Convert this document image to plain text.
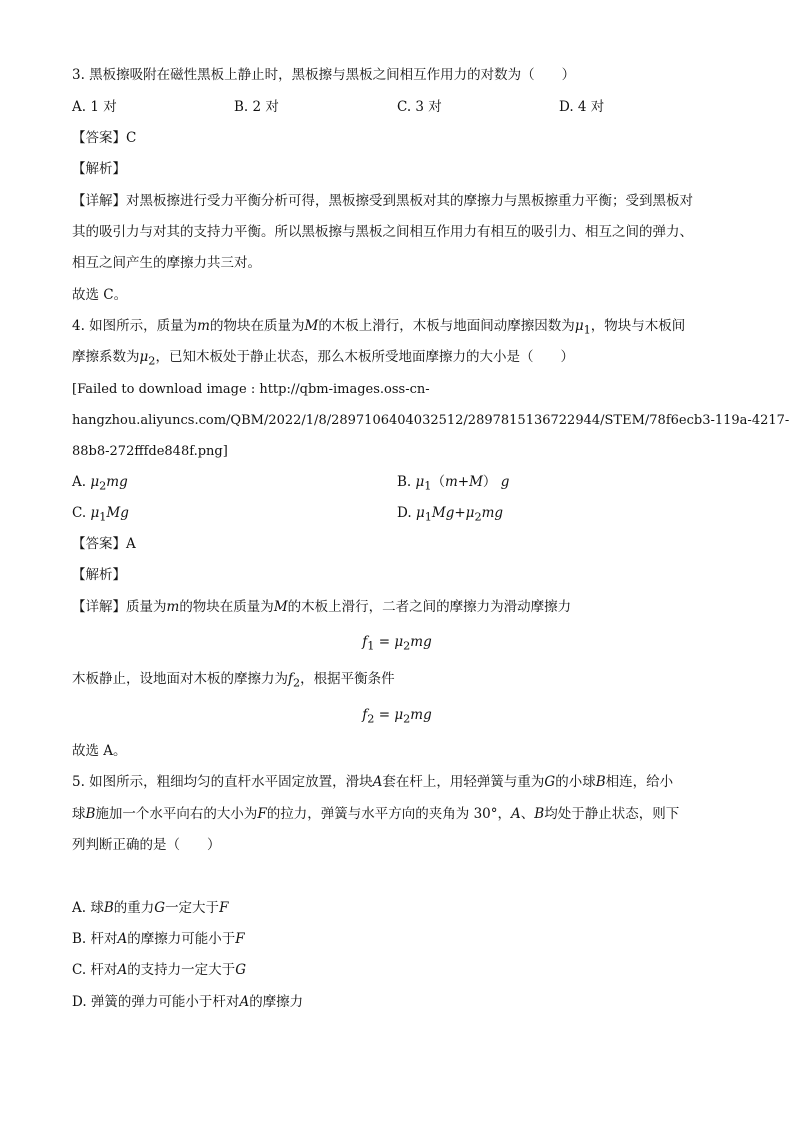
3. 黑板擦吸附在磁性黑板上静止时，黑板擦与黑板之间相互作用力的对数为（　　）
A. 1 对	B. 2 对	C. 3 对	D. 4 对
【答案】C
【解析】
【详解】对黑板擦进行受力平衡分析可得，黑板擦受到黑板对其的摩擦力与黑板擦重力平衡；受到黑板对
其的吸引力与对其的支持力平衡。所以黑板擦与黑板之间相互作用力有相互的吸引力、相互之间的弹力、
相互之间产生的摩擦力共三对。
故选 C。
4. 如图所示，质量为m的物块在质量为M的木板上滑行，木板与地面间动摩擦因数为$\mu_1$，物块与木板间
摩擦系数为$\mu_2$，已知木板处于静止状态，那么木板所受地面摩擦力的大小是（　　）
[Failed to download image : http://qbm-images.oss-cn-
hangzhou.aliyuncs.com/QBM/2022/1/8/2897106404032512/2897815136722944/STEM/78f6ecb3-119a-4217-
88b8-272fffde848f.png]
A. $\mu_2mg$	B. $\mu_1(m+M)$ g
C. $\mu_1Mg$	D. $\mu_1Mg+\mu_2mg$
【答案】A
【解析】
【详解】质量为m的物块在质量为M的木板上滑行，二者之间的摩擦力为滑动摩擦力
$f_1 = \mu_2mg$
木板静止，设地面对木板的摩擦力为$f_2$，根据平衡条件
$f_2 = \mu_2mg$
故选 A。
5. 如图所示，粗细均匀的直杆水平固定放置，滑块A套在杆上，用轻弹簧与重为G的小球B相连，给小
球B施加一个水平向右的大小为F的拉力，弹簧与水平方向的夹角为 30°，A、B均处于静止状态，则下
列判断正确的是（　　）
A. 球B的重力G一定大于F
B. 杆对A的摩擦力可能小于F
C. 杆对A的支持力一定大于G
D. 弹簧的弹力可能小于杆对A的摩擦力
